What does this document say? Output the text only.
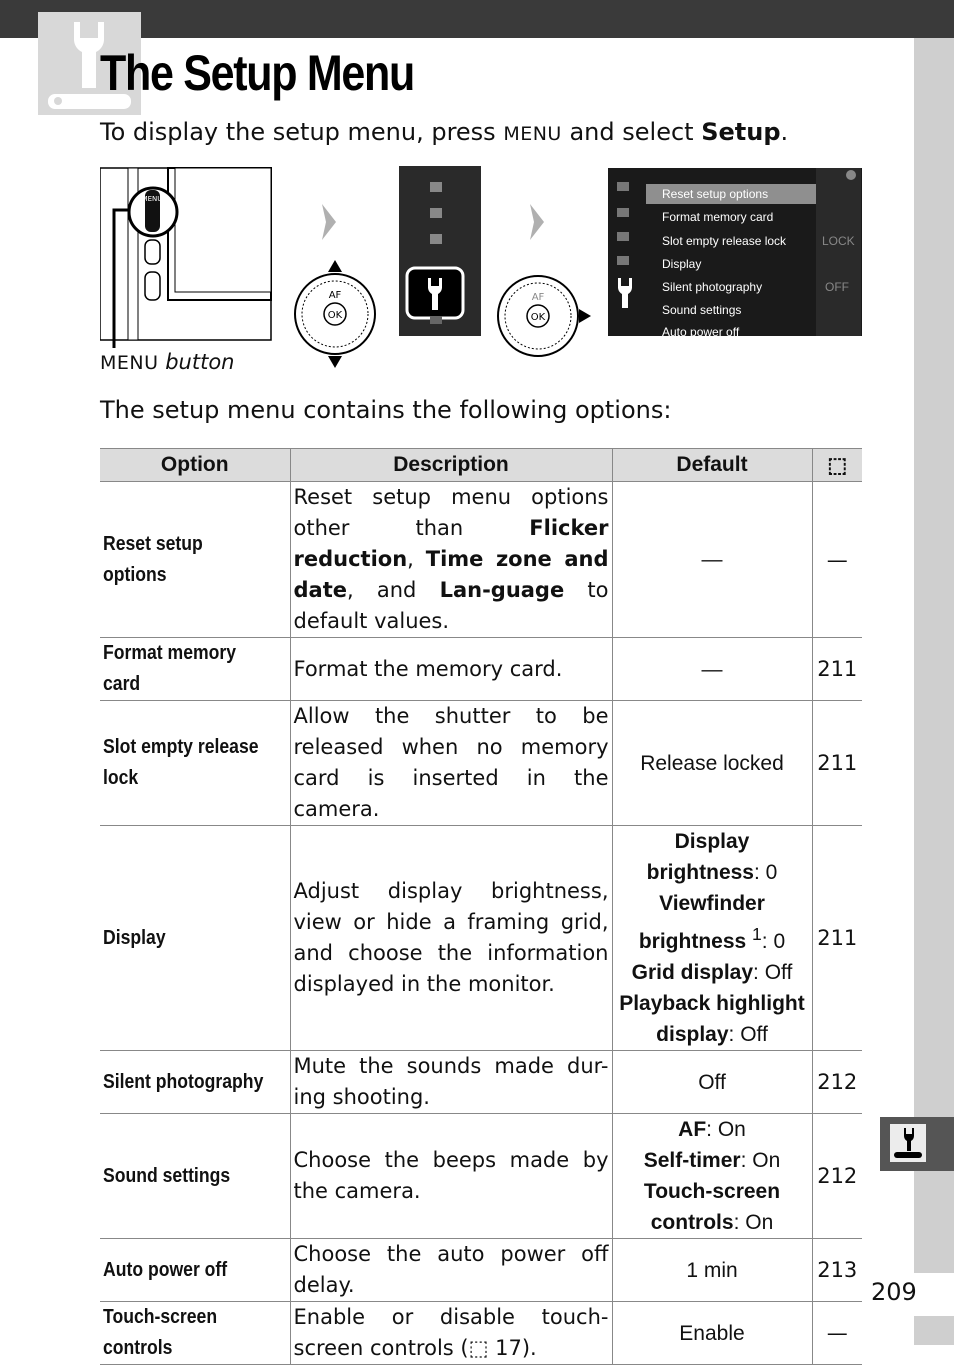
The Setup Menu
To display the setup menu, press MENU and select Setup.
MENU
OK
AF
OK
AF
Reset setup options
Format memory card
Slot empty release lock
Display
Silent photography
Sound settings
Auto power off
LOCK
OFF
MENU button
The setup menu contains the following options:
Option	Description	Default	⬚
Reset setup options	Reset setup menu options other than Flicker reduction, Time zone and date, and Lan-guage to default values.	—	—
Format memory card	Format the memory card.	—	211
Slot empty release lock	Allow the shutter to be released when no memory card is inserted in the camera.	Release locked	211
Display	Adjust display brightness, view or hide a framing grid, and choose the information displayed in the monitor.	Display brightness: 0
Viewfinder brightness $^1$: 0
Grid display: Off
Playback highlight display: Off	211
Silent photography	Mute the sounds made dur-ing shooting.	Off	212
Sound settings	Choose the beeps made by the camera.	AF: On
Self-timer: On
Touch-screen controls: On	212
Auto power off	Choose the auto power off delay.	1 min	213
Touch-screen controls	Enable or disable touch-screen controls (⬚ 17).	Enable	—
209
